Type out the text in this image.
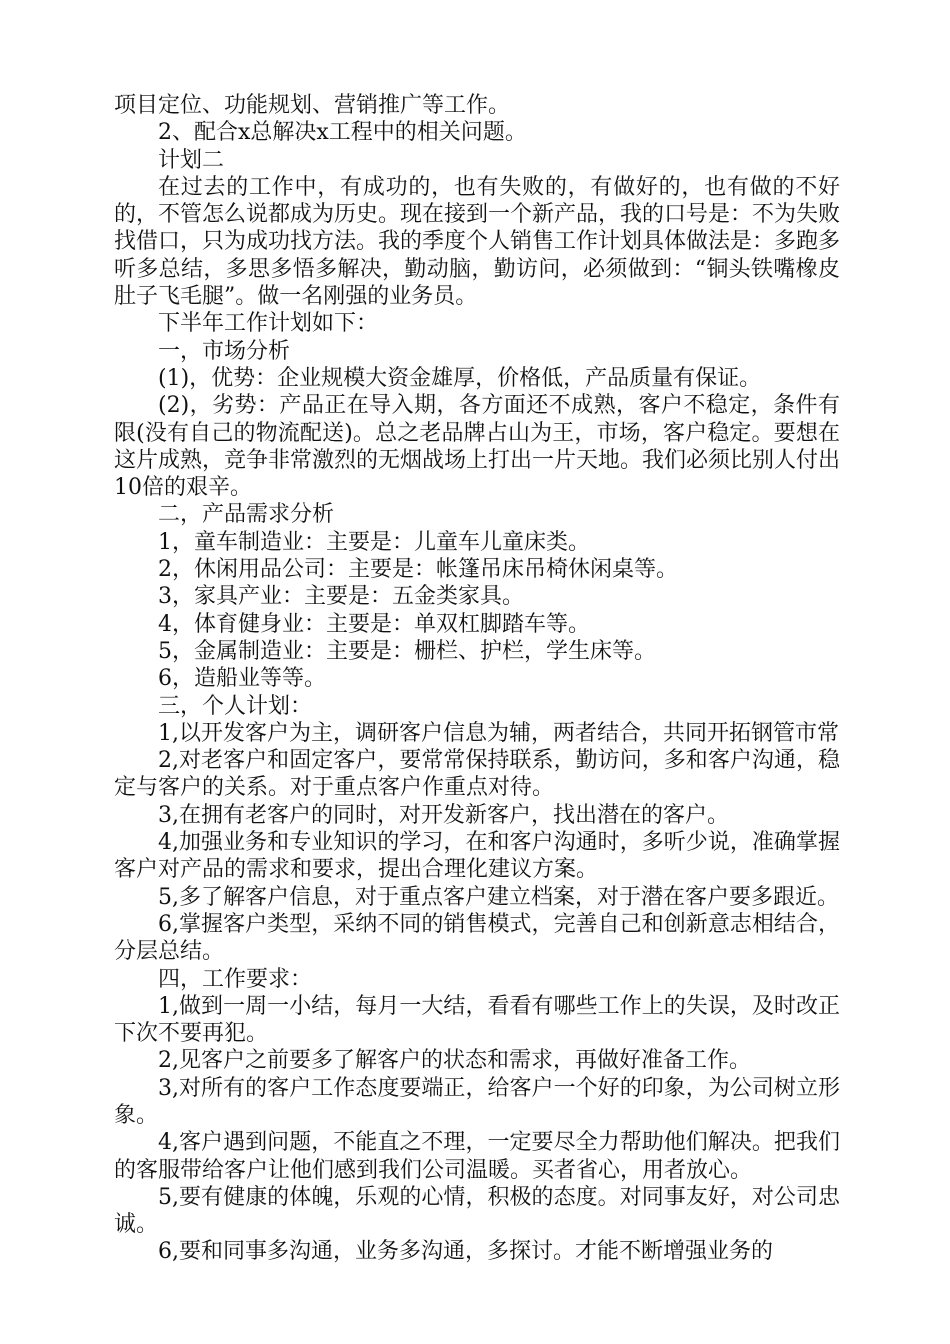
项目定位、功能规划、营销推广等工作。

2、配合x总解决x工程中的相关问题。

计划二

在过去的工作中，有成功的，也有失败的，有做好的，也有做的不好的，不管怎么说都成为历史。现在接到一个新产品，我的口号是：不为失败找借口，只为成功找方法。我的季度个人销售工作计划具体做法是：多跑多听多总结，多思多悟多解决，勤动脑，勤访问，必须做到：“铜头铁嘴橡皮肚子飞毛腿”。做一名刚强的业务员。

下半年工作计划如下：

一，市场分析

(1)，优势：企业规模大资金雄厚，价格低，产品质量有保证。

(2)，劣势：产品正在导入期，各方面还不成熟，客户不稳定，条件有限(没有自己的物流配送)。总之老品牌占山为王，市场，客户稳定。要想在这片成熟，竞争非常激烈的无烟战场上打出一片天地。我们必须比别人付出10倍的艰辛。

二，产品需求分析

1，童车制造业：主要是：儿童车儿童床类。

2，休闲用品公司：主要是：帐篷吊床吊椅休闲桌等。

3，家具产业：主要是：五金类家具。

4，体育健身业：主要是：单双杠脚踏车等。

5，金属制造业：主要是：栅栏、护栏，学生床等。

6，造船业等等。

三，个人计划：

1,以开发客户为主，调研客户信息为辅，两者结合，共同开拓钢管市常

2,对老客户和固定客户，要常常保持联系，勤访问，多和客户沟通，稳定与客户的关系。对于重点客户作重点对待。

3,在拥有老客户的同时，对开发新客户，找出潜在的客户。

4,加强业务和专业知识的学习，在和客户沟通时，多听少说，准确掌握客户对产品的需求和要求，提出合理化建议方案。

5,多了解客户信息，对于重点客户建立档案，对于潜在客户要多跟近。

6,掌握客户类型，采纳不同的销售模式，完善自己和创新意志相结合，分层总结。

四，工作要求：

1,做到一周一小结，每月一大结，看看有哪些工作上的失误，及时改正下次不要再犯。

2,见客户之前要多了解客户的状态和需求，再做好准备工作。

3,对所有的客户工作态度要端正，给客户一个好的印象，为公司树立形象。

4,客户遇到问题，不能直之不理，一定要尽全力帮助他们解决。把我们的客服带给客户让他们感到我们公司温暖。买者省心，用者放心。

5,要有健康的体魄，乐观的心情，积极的态度。对同事友好，对公司忠诚。

6,要和同事多沟通，业务多沟通，多探讨。才能不断增强业务的
